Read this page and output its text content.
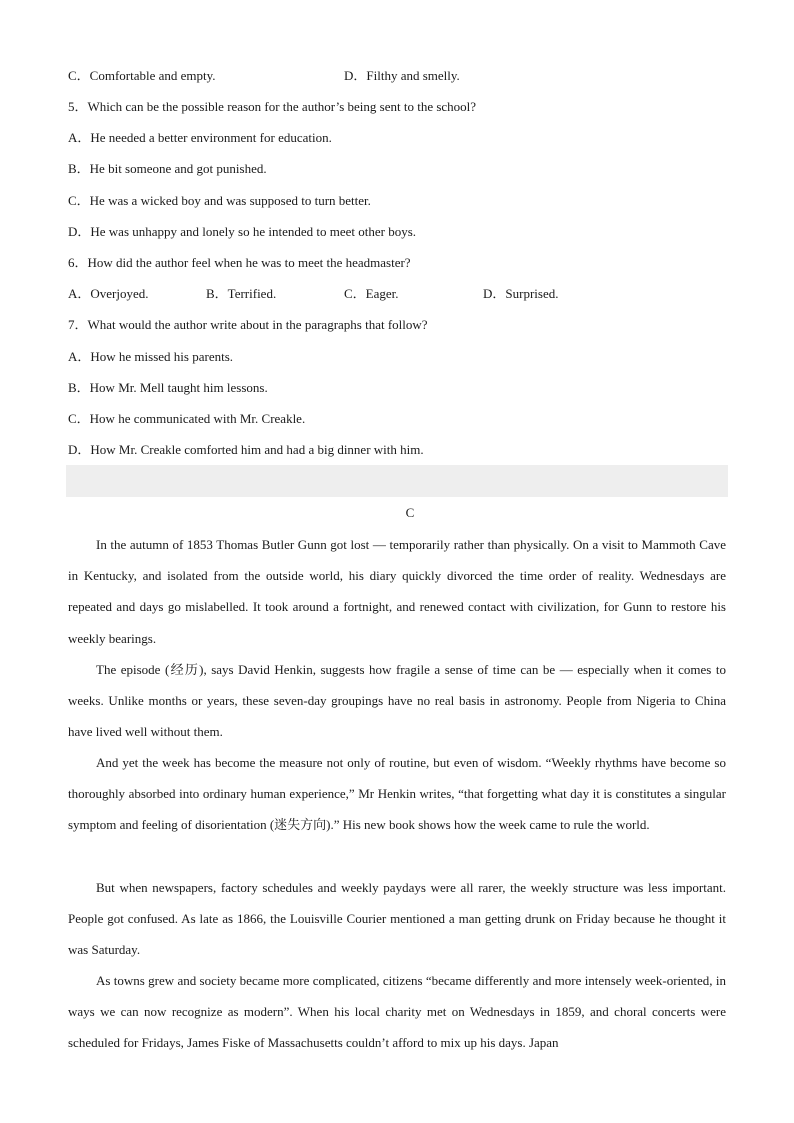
C．Comfortable and empty.	D．Filthy and smelly.
5．Which can be the possible reason for the author’s being sent to the school?
A．He needed a better environment for education.
B．He bit someone and got punished.
C．He was a wicked boy and was supposed to turn better.
D．He was unhappy and lonely so he intended to meet other boys.
6．How did the author feel when he was to meet the headmaster?
A．Overjoyed.	B．Terrified.	C．Eager.	D．Surprised.
7．What would the author write about in the paragraphs that follow?
A．How he missed his parents.
B．How Mr. Mell taught him lessons.
C．How he communicated with Mr. Creakle.
D．How Mr. Creakle comforted him and had a big dinner with him.
C
In the autumn of 1853 Thomas Butler Gunn got lost — temporarily rather than physically. On a visit to Mammoth Cave in Kentucky, and isolated from the outside world, his diary quickly divorced the time order of reality. Wednesdays are repeated and days go mislabelled. It took around a fortnight, and renewed contact with civilization, for Gunn to restore his weekly bearings.
The episode (经历), says David Henkin, suggests how fragile a sense of time can be — especially when it comes to weeks. Unlike months or years, these seven-day groupings have no real basis in astronomy. People from Nigeria to China have lived well without them.
And yet the week has become the measure not only of routine, but even of wisdom. “Weekly rhythms have become so thoroughly absorbed into ordinary human experience,” Mr Henkin writes, “that forgetting what day it is constitutes a singular symptom and feeling of disorientation (迷失方向).” His new book shows how the week came to rule the world.
But when newspapers, factory schedules and weekly paydays were all rarer, the weekly structure was less important. People got confused. As late as 1866, the Louisville Courier mentioned a man getting drunk on Friday because he thought it was Saturday.
As towns grew and society became more complicated, citizens “became differently and more intensely week-oriented, in ways we can now recognize as modern”. When his local charity met on Wednesdays in 1859, and choral concerts were scheduled for Fridays, James Fiske of Massachusetts couldn’t afford to mix up his days. Japan
